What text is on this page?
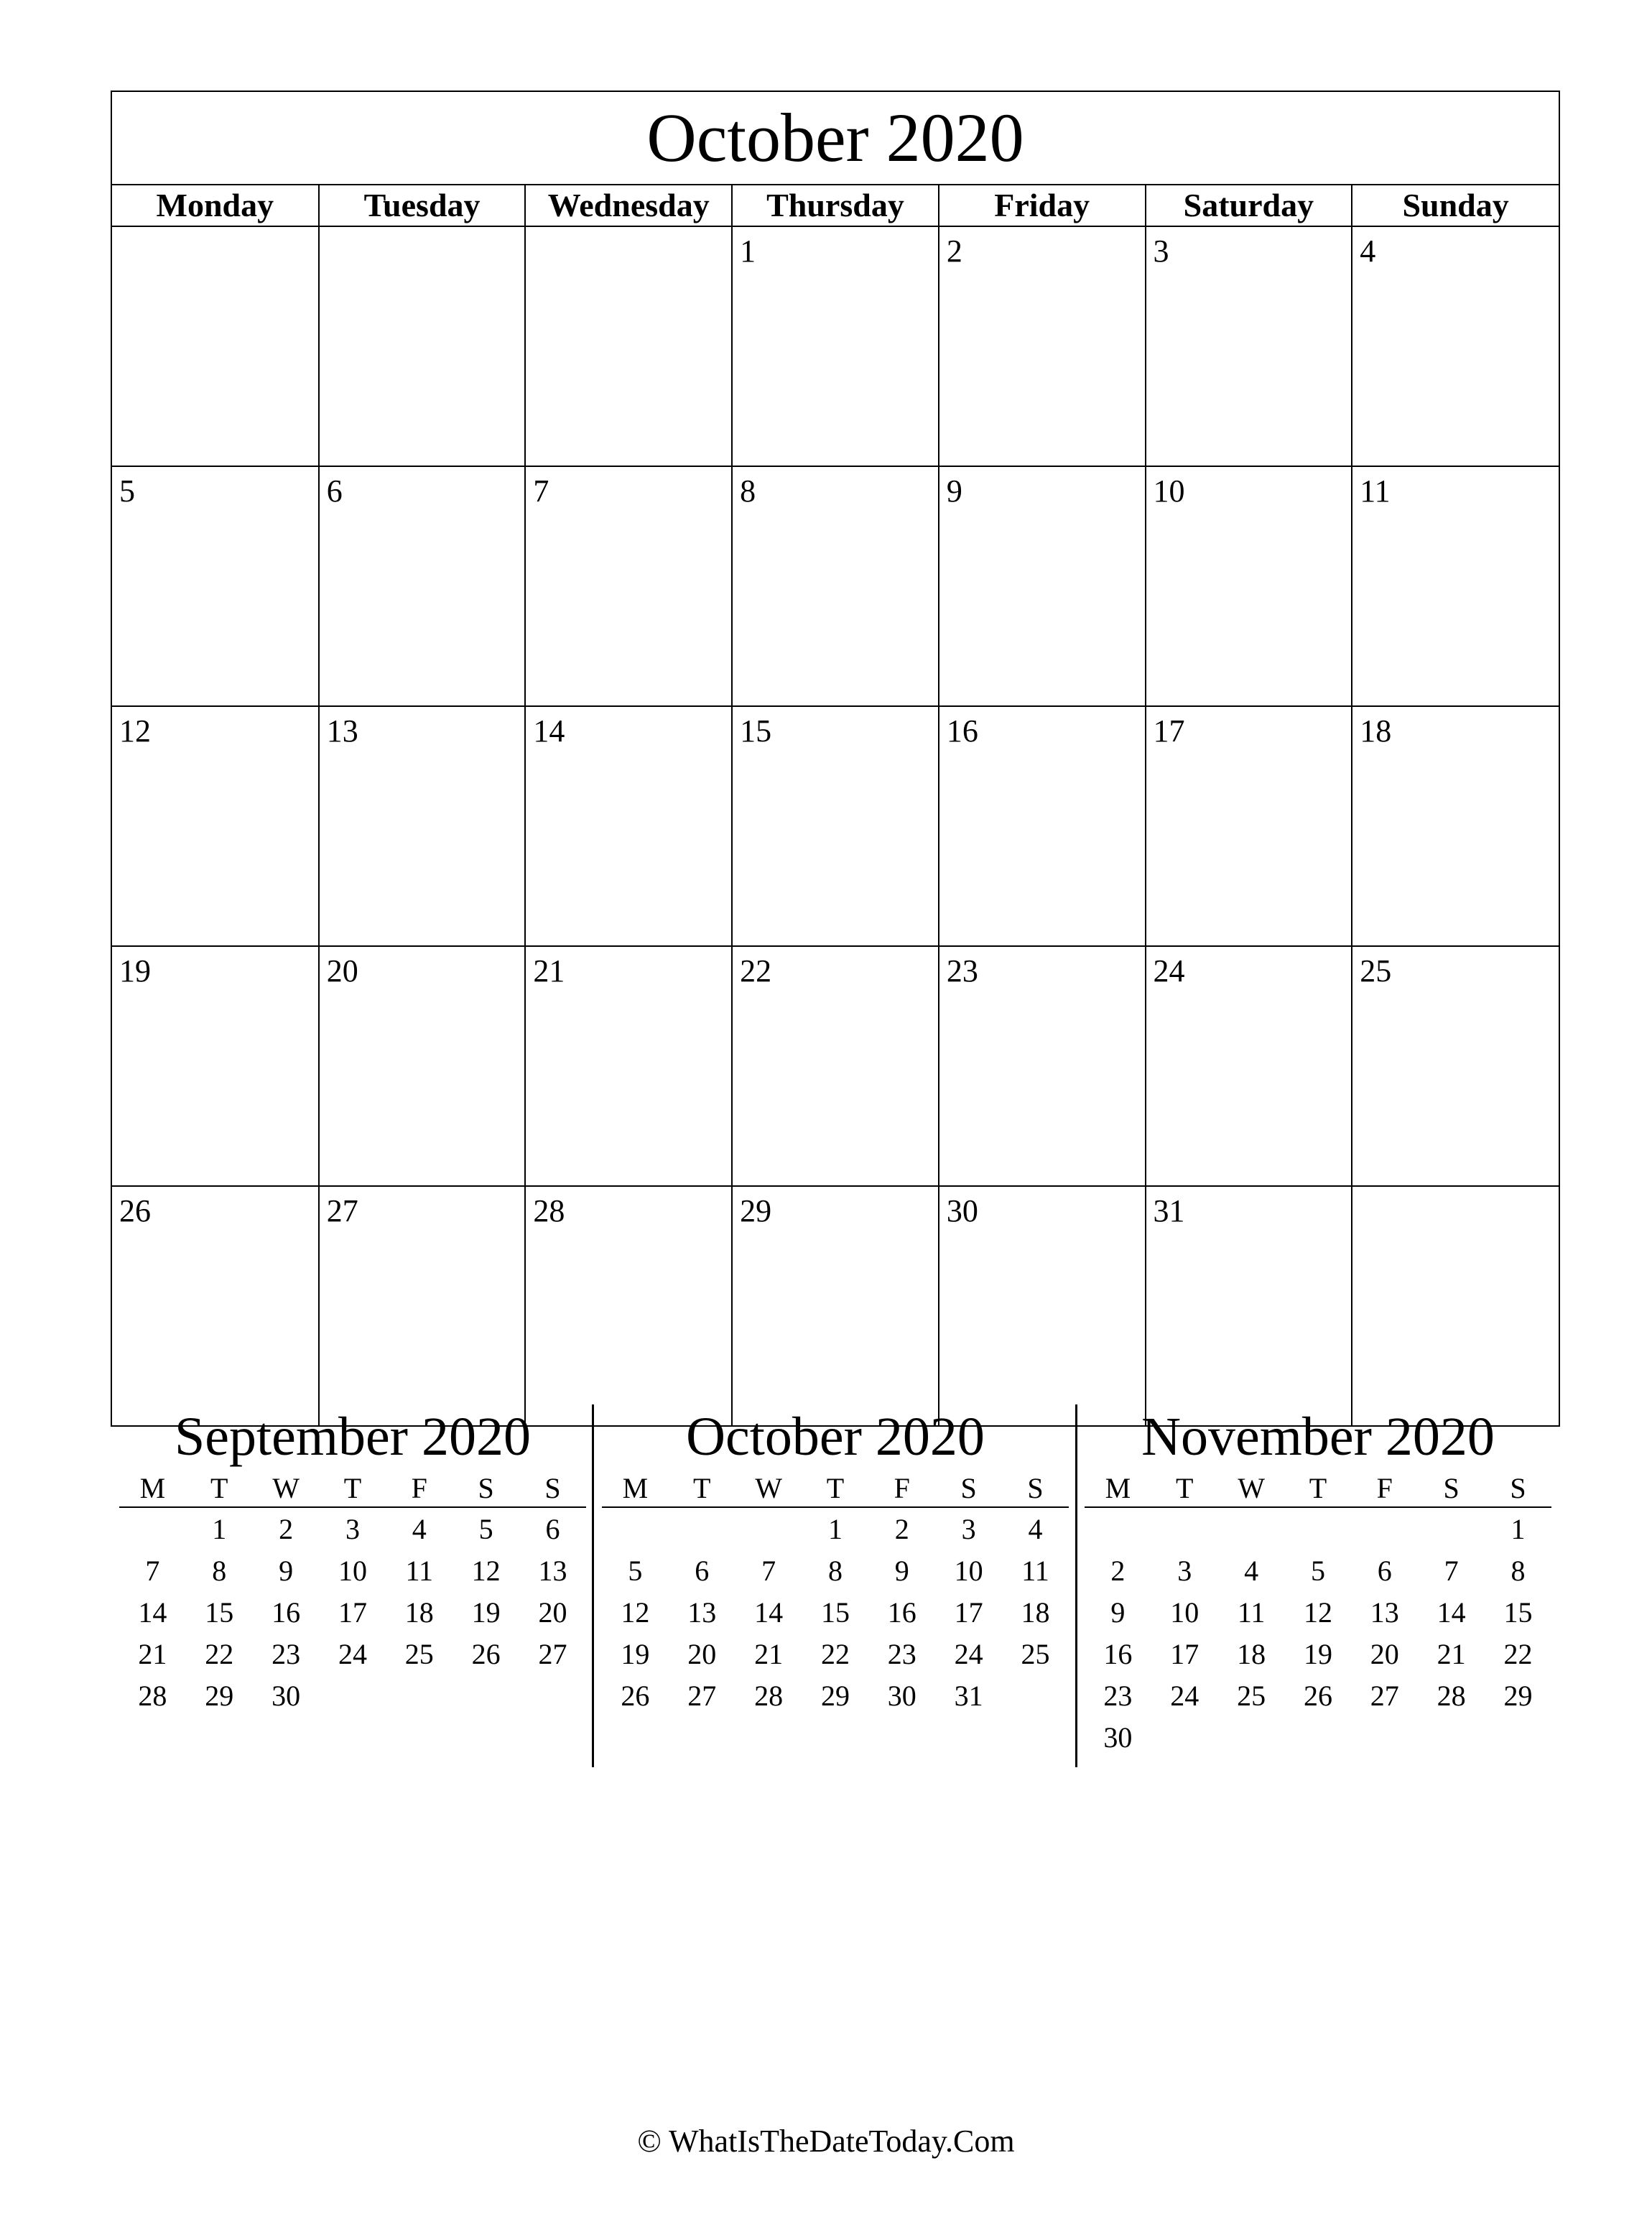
October 2020
Monday	Tuesday	Wednesday	Thursday	Friday	Saturday	Sunday
			1	2	3	4
5	6	7	8	9	10	11
12	13	14	15	16	17	18
19	20	21	22	23	24	25
26	27	28	29	30	31	
September 2020
M	T	W	T	F	S	S
	1	2	3	4	5	6
7	8	9	10	11	12	13
14	15	16	17	18	19	20
21	22	23	24	25	26	27
28	29	30				
October 2020
M	T	W	T	F	S	S
			1	2	3	4
5	6	7	8	9	10	11
12	13	14	15	16	17	18
19	20	21	22	23	24	25
26	27	28	29	30	31	
November 2020
M	T	W	T	F	S	S
						1
2	3	4	5	6	7	8
9	10	11	12	13	14	15
16	17	18	19	20	21	22
23	24	25	26	27	28	29
30						
© WhatIsTheDateToday.Com
